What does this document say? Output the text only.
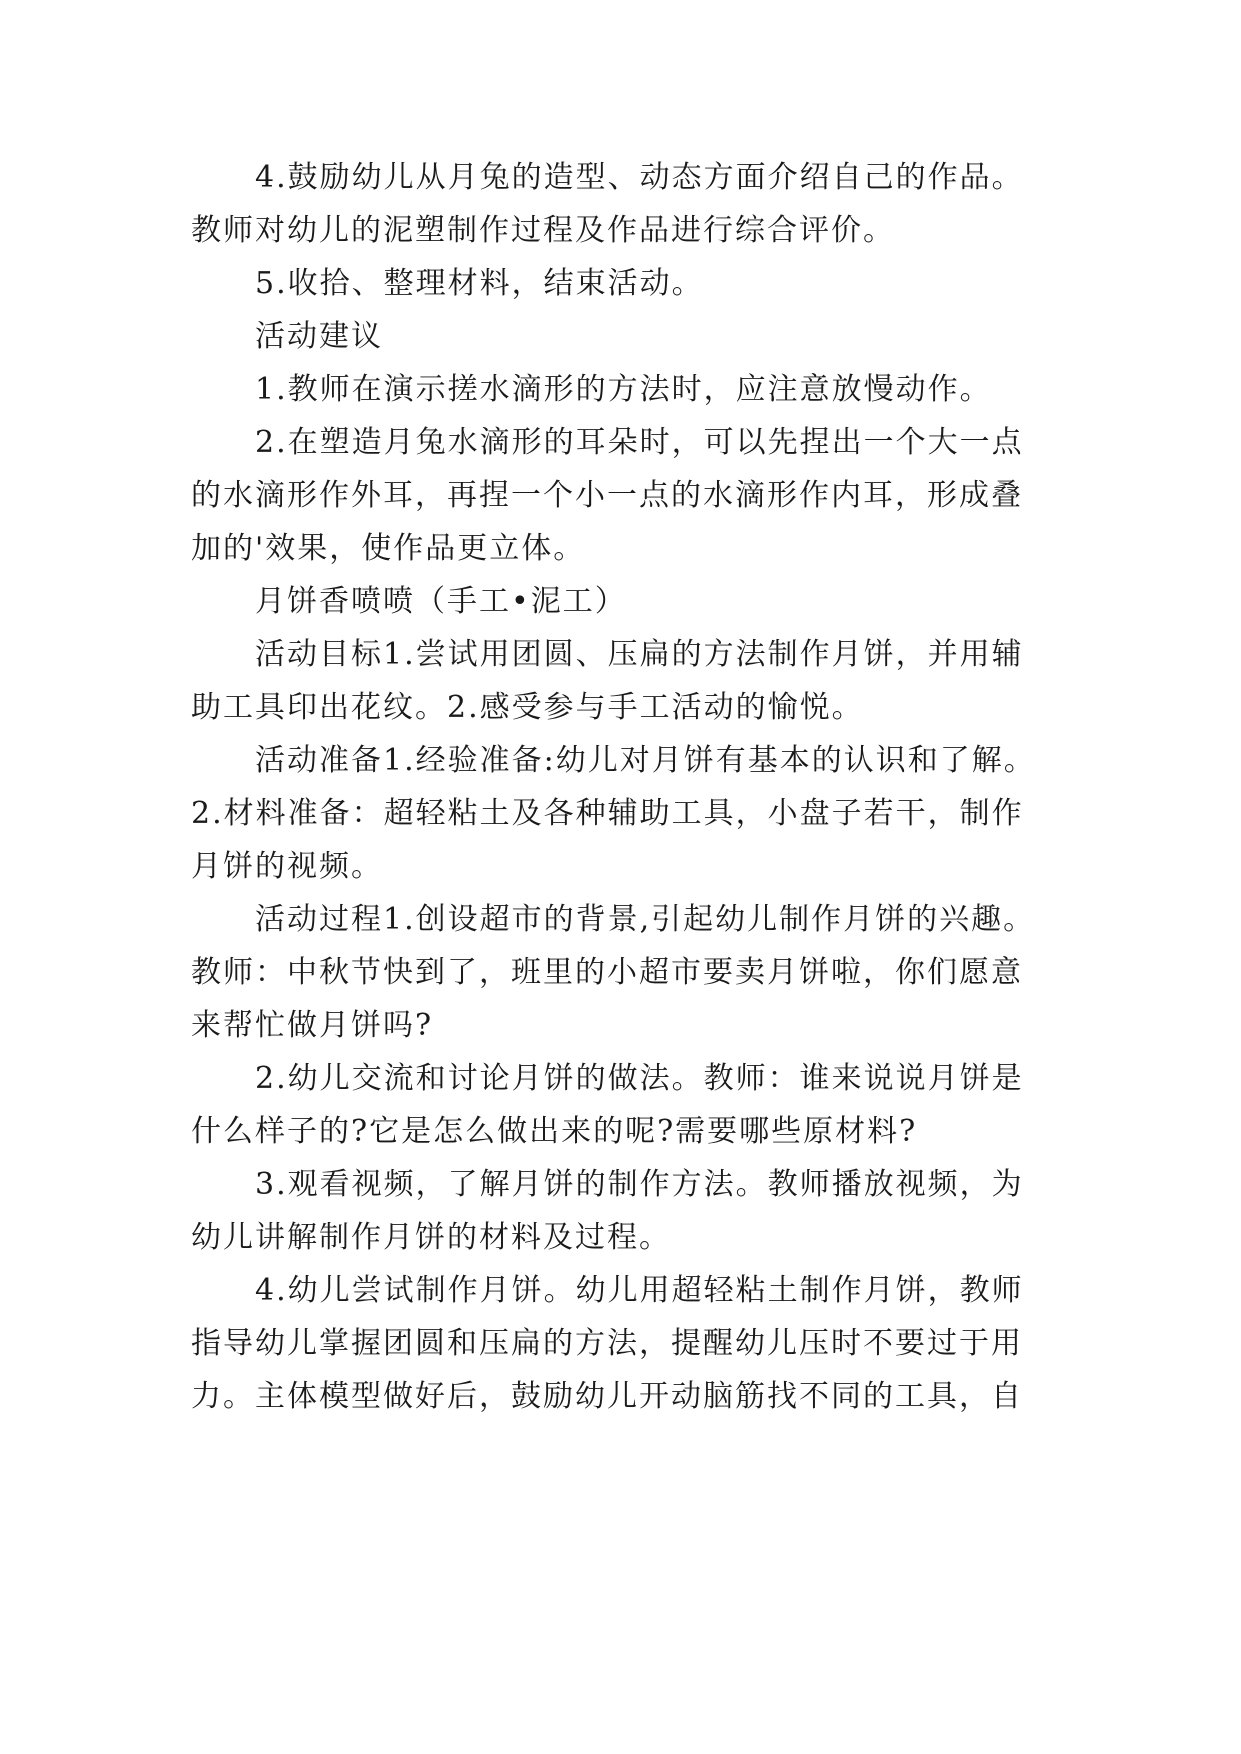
4.鼓励幼儿从月兔的造型、动态方面介绍自己的作品。
教师对幼儿的泥塑制作过程及作品进行综合评价。
5.收拾、整理材料，结束活动。
活动建议
1.教师在演示搓水滴形的方法时，应注意放慢动作。
2.在塑造月兔水滴形的耳朵时，可以先捏出一个大一点
的水滴形作外耳，再捏一个小一点的水滴形作内耳，形成叠
加的'效果，使作品更立体。
月饼香喷喷（手工•泥工）
活动目标1.尝试用团圆、压扁的方法制作月饼，并用辅
助工具印出花纹。2.感受参与手工活动的愉悦。
活动准备1.经验准备:幼儿对月饼有基本的认识和了解。
2.材料准备：超轻粘土及各种辅助工具，小盘子若干，制作
月饼的视频。
活动过程1.创设超市的背景,引起幼儿制作月饼的兴趣。
教师：中秋节快到了，班里的小超市要卖月饼啦，你们愿意
来帮忙做月饼吗?
2.幼儿交流和讨论月饼的做法。教师：谁来说说月饼是
什么样子的?它是怎么做出来的呢?需要哪些原材料?
3.观看视频，了解月饼的制作方法。教师播放视频，为
幼儿讲解制作月饼的材料及过程。
4.幼儿尝试制作月饼。幼儿用超轻粘土制作月饼，教师
指导幼儿掌握团圆和压扁的方法，提醒幼儿压时不要过于用
力。主体模型做好后，鼓励幼儿开动脑筋找不同的工具，自
